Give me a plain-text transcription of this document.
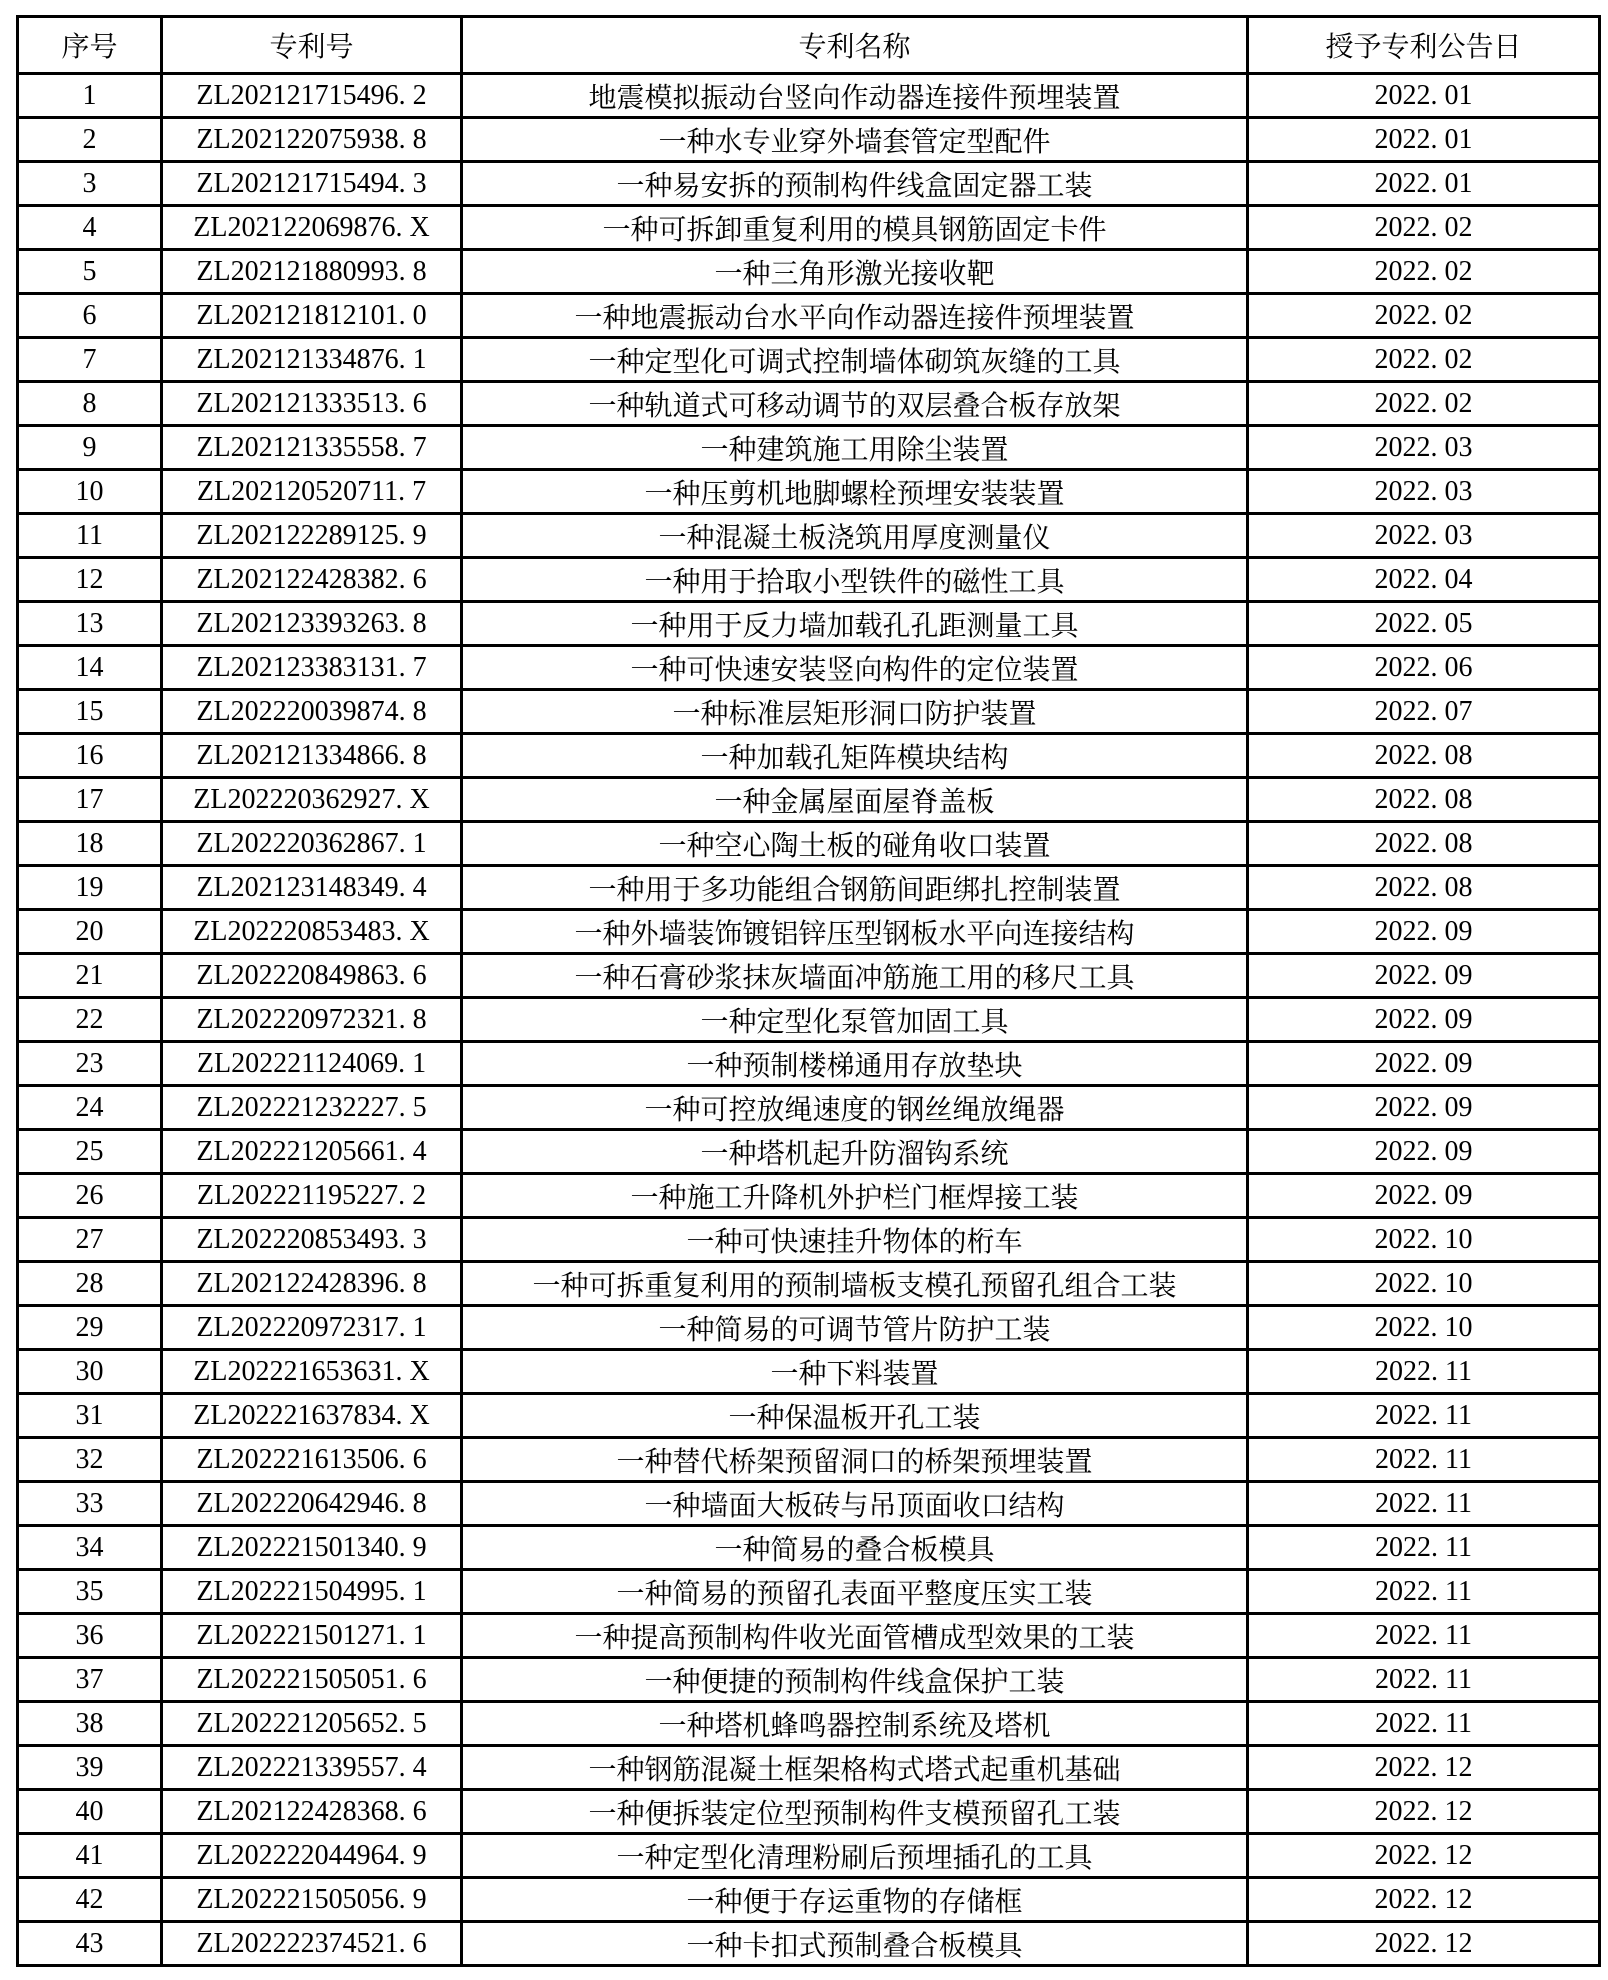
序号	专利号	专利名称	授予专利公告日
1	ZL202121715496. 2	地震模拟振动台竖向作动器连接件预埋装置	2022. 01
2	ZL202122075938. 8	一种水专业穿外墙套管定型配件	2022. 01
3	ZL202121715494. 3	一种易安拆的预制构件线盒固定器工装	2022. 01
4	ZL202122069876. X	一种可拆卸重复利用的模具钢筋固定卡件	2022. 02
5	ZL202121880993. 8	一种三角形激光接收靶	2022. 02
6	ZL202121812101. 0	一种地震振动台水平向作动器连接件预埋装置	2022. 02
7	ZL202121334876. 1	一种定型化可调式控制墙体砌筑灰缝的工具	2022. 02
8	ZL202121333513. 6	一种轨道式可移动调节的双层叠合板存放架	2022. 02
9	ZL202121335558. 7	一种建筑施工用除尘装置	2022. 03
10	ZL202120520711. 7	一种压剪机地脚螺栓预埋安装装置	2022. 03
11	ZL202122289125. 9	一种混凝土板浇筑用厚度测量仪	2022. 03
12	ZL202122428382. 6	一种用于拾取小型铁件的磁性工具	2022. 04
13	ZL202123393263. 8	一种用于反力墙加载孔孔距测量工具	2022. 05
14	ZL202123383131. 7	一种可快速安装竖向构件的定位装置	2022. 06
15	ZL202220039874. 8	一种标准层矩形洞口防护装置	2022. 07
16	ZL202121334866. 8	一种加载孔矩阵模块结构	2022. 08
17	ZL202220362927. X	一种金属屋面屋脊盖板	2022. 08
18	ZL202220362867. 1	一种空心陶土板的碰角收口装置	2022. 08
19	ZL202123148349. 4	一种用于多功能组合钢筋间距绑扎控制装置	2022. 08
20	ZL202220853483. X	一种外墙装饰镀铝锌压型钢板水平向连接结构	2022. 09
21	ZL202220849863. 6	一种石膏砂浆抹灰墙面冲筋施工用的移尺工具	2022. 09
22	ZL202220972321. 8	一种定型化泵管加固工具	2022. 09
23	ZL202221124069. 1	一种预制楼梯通用存放垫块	2022. 09
24	ZL202221232227. 5	一种可控放绳速度的钢丝绳放绳器	2022. 09
25	ZL202221205661. 4	一种塔机起升防溜钩系统	2022. 09
26	ZL202221195227. 2	一种施工升降机外护栏门框焊接工装	2022. 09
27	ZL202220853493. 3	一种可快速挂升物体的桁车	2022. 10
28	ZL202122428396. 8	一种可拆重复利用的预制墙板支模孔预留孔组合工装	2022. 10
29	ZL202220972317. 1	一种简易的可调节管片防护工装	2022. 10
30	ZL202221653631. X	一种下料装置	2022. 11
31	ZL202221637834. X	一种保温板开孔工装	2022. 11
32	ZL202221613506. 6	一种替代桥架预留洞口的桥架预埋装置	2022. 11
33	ZL202220642946. 8	一种墙面大板砖与吊顶面收口结构	2022. 11
34	ZL202221501340. 9	一种简易的叠合板模具	2022. 11
35	ZL202221504995. 1	一种简易的预留孔表面平整度压实工装	2022. 11
36	ZL202221501271. 1	一种提高预制构件收光面管槽成型效果的工装	2022. 11
37	ZL202221505051. 6	一种便捷的预制构件线盒保护工装	2022. 11
38	ZL202221205652. 5	一种塔机蜂鸣器控制系统及塔机	2022. 11
39	ZL202221339557. 4	一种钢筋混凝土框架格构式塔式起重机基础	2022. 12
40	ZL202122428368. 6	一种便拆装定位型预制构件支模预留孔工装	2022. 12
41	ZL202222044964. 9	一种定型化清理粉刷后预埋插孔的工具	2022. 12
42	ZL202221505056. 9	一种便于存运重物的存储框	2022. 12
43	ZL202222374521. 6	一种卡扣式预制叠合板模具	2022. 12
